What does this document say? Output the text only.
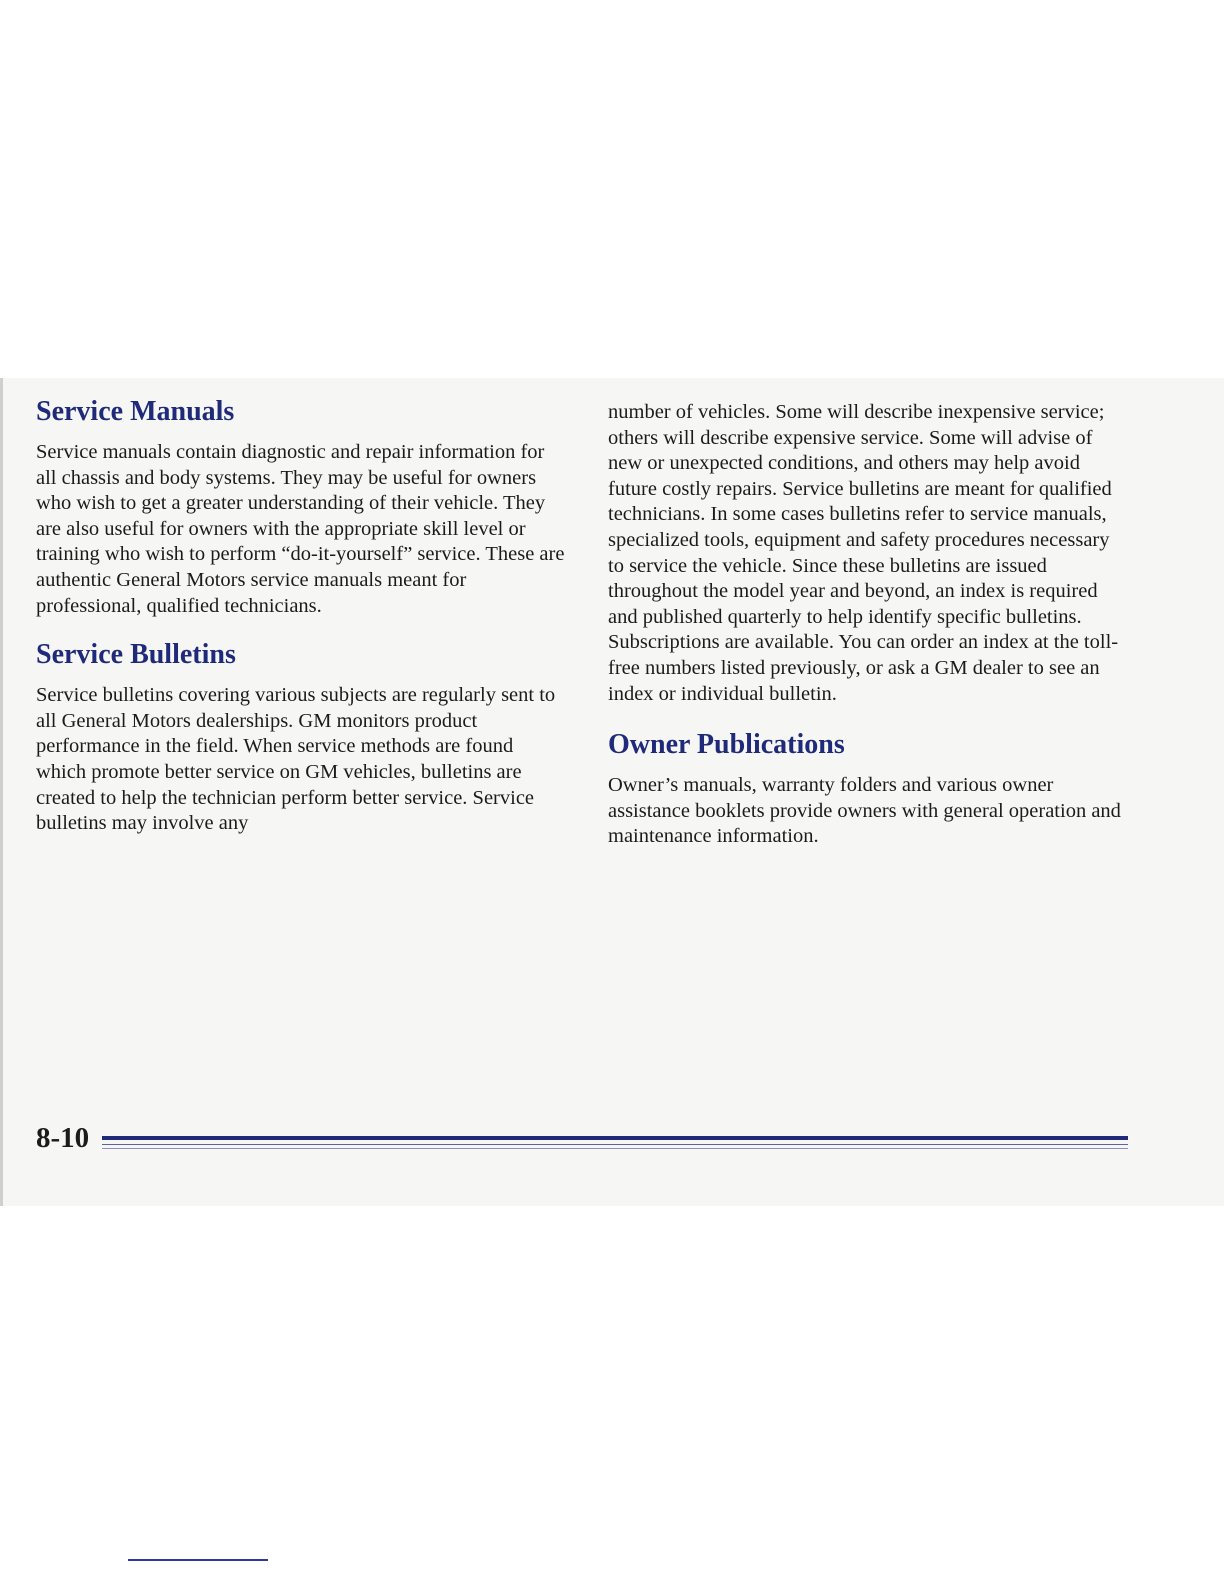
Service Manuals

Service manuals contain diagnostic and repair information for all chassis and body systems. They may be useful for owners who wish to get a greater understanding of their vehicle. They are also useful for owners with the appropriate skill level or training who wish to perform “do-it-yourself” service. These are authentic General Motors service manuals meant for professional, qualified technicians.

Service Bulletins

Service bulletins covering various subjects are regularly sent to all General Motors dealerships. GM monitors product performance in the field. When service methods are found which promote better service on GM vehicles, bulletins are created to help the technician perform better service. Service bulletins may involve any

number of vehicles. Some will describe inexpensive service; others will describe expensive service. Some will advise of new or unexpected conditions, and others may help avoid future costly repairs. Service bulletins are meant for qualified technicians. In some cases bulletins refer to service manuals, specialized tools, equipment and safety procedures necessary to service the vehicle. Since these bulletins are issued throughout the model year and beyond, an index is required and published quarterly to help identify specific bulletins. Subscriptions are available. You can order an index at the toll-free numbers listed previously, or ask a GM dealer to see an index or individual bulletin.

Owner Publications

Owner’s manuals, warranty folders and various owner assistance booklets provide owners with general operation and maintenance information.

8-10
